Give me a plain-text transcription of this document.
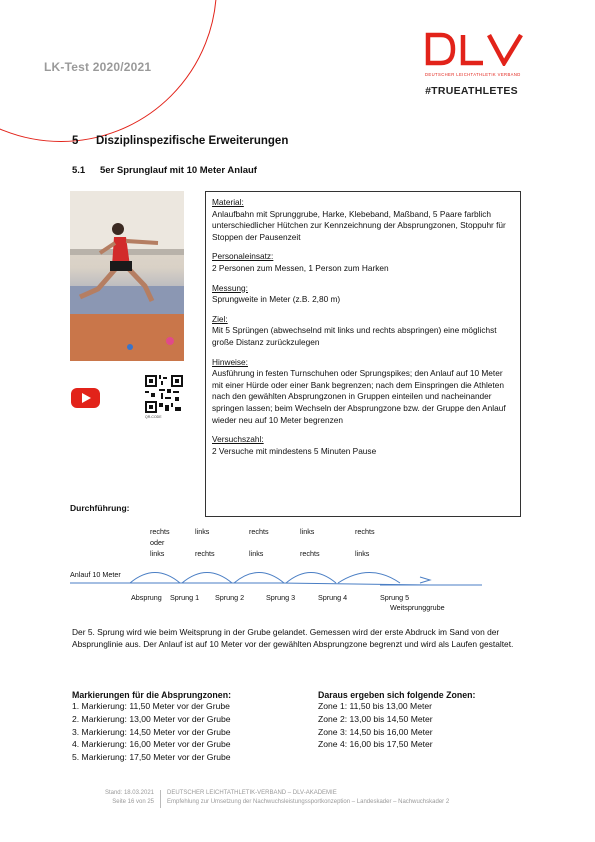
LK-Test 2020/2021
DEUTSCHER LEICHTATHLETIK VERBAND
#TRUEATHLETES
5 Disziplinspezifische Erweiterungen
5.1 5er Sprunglauf mit 10 Meter Anlauf
QR-CODE

Material:
Anlaufbahn mit Sprunggrube, Harke, Klebeband, Maßband, 5 Paare farblich unterschiedlicher Hütchen zur Kennzeichnung der Absprungzonen, Stoppuhr für Stoppen der Pausenzeit

Personaleinsatz:
2 Personen zum Messen, 1 Person zum Harken

Messung:
Sprungweite in Meter (z.B. 2,80 m)

Ziel:
Mit 5 Sprüngen (abwechselnd mit links und rechts abspringen) eine möglichst große Distanz zurückzulegen

Hinweise:
Ausführung in festen Turnschuhen oder Sprungspikes; den Anlauf auf 10 Meter mit einer Hürde oder einer Bank begrenzen; nach dem Einspringen die Athleten nach den gewählten Absprungzonen in Gruppen einteilen und nacheinander springen lassen; beim Wechseln der Absprungzone bzw. der Gruppe den Anlauf wieder neu auf 10 Meter begrenzen

Versuchszahl:
2 Versuche mit mindestens 5 Minuten Pause

Durchführung:
rechts	links	rechts	links	rechts
oder
links	rechts	links	rechts	links
Anlauf 10 Meter
Absprung Sprung 1 Sprung 2	Sprung 3	Sprung 4	Sprung 5
Weitsprunggrube
Der 5. Sprung wird wie beim Weitsprung in der Grube gelandet. Gemessen wird der erste Abdruck im Sand von der Absprunglinie aus. Der Anlauf ist auf 10 Meter vor der gewählten Absprungzone begrenzt und wird als Laufen gestaltet.
Markierungen für die Absprungzonen:
1. Markierung: 11,50 Meter vor der Grube
2. Markierung: 13,00 Meter vor der Grube
3. Markierung: 14,50 Meter vor der Grube
4. Markierung: 16,00 Meter vor der Grube
5. Markierung: 17,50 Meter vor der Grube
Daraus ergeben sich folgende Zonen:
Zone 1: 11,50 bis 13,00 Meter
Zone 2: 13,00 bis 14,50 Meter
Zone 3: 14,50 bis 16,00 Meter
Zone 4: 16,00 bis 17,50 Meter
Stand: 18.03.2021	DEUTSCHER LEICHTATHLETIK-VERBAND – DLV-AKADEMIE
Seite 16 von 25	Empfehlung zur Umsetzung der Nachwuchsleistungssportkonzeption – Landeskader – Nachwuchskader 2
